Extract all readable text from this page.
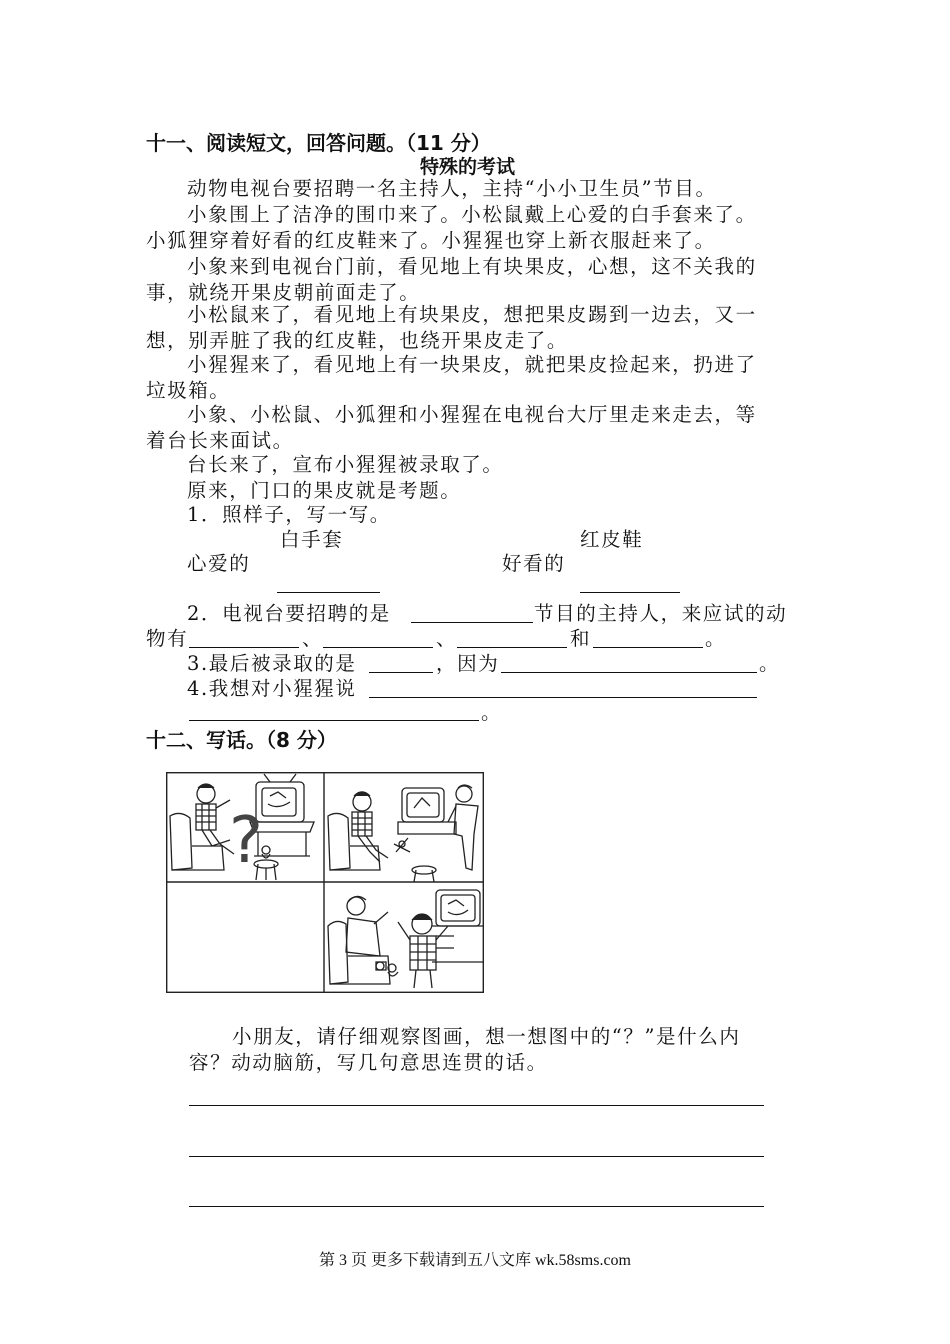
十一、阅读短文，回答问题。（11 分）
特殊的考试
动物电视台要招聘一名主持人，主持“小小卫生员”节目。
小象围上了洁净的围巾来了。小松鼠戴上心爱的白手套来了。
小狐狸穿着好看的红皮鞋来了。小猩猩也穿上新衣服赶来了。
小象来到电视台门前，看见地上有块果皮，心想，这不关我的
事，就绕开果皮朝前面走了。
小松鼠来了，看见地上有块果皮，想把果皮踢到一边去，又一
想，别弄脏了我的红皮鞋，也绕开果皮走了。
小猩猩来了，看见地上有一块果皮，就把果皮捡起来，扔进了
垃圾箱。
小象、小松鼠、小狐狸和小猩猩在电视台大厅里走来走去，等
着台长来面试。
台长来了，宣布小猩猩被录取了。
原来，门口的果皮就是考题。
1．照样子，写一写。
白手套	红皮鞋
心爱的	好看的
2．电视台要招聘的是	节目的主持人，来应试的动
物有	、	、	和	。
3.最后被录取的是	，因为	。
4.我想对小猩猩说
。
十二、写话。（8 分）
?
小朋友，请仔细观察图画，想一想图中的“？”是什么内
容？动动脑筋，写几句意思连贯的话。
第 3 页 更多下载请到五八文库 wk.58sms.com
